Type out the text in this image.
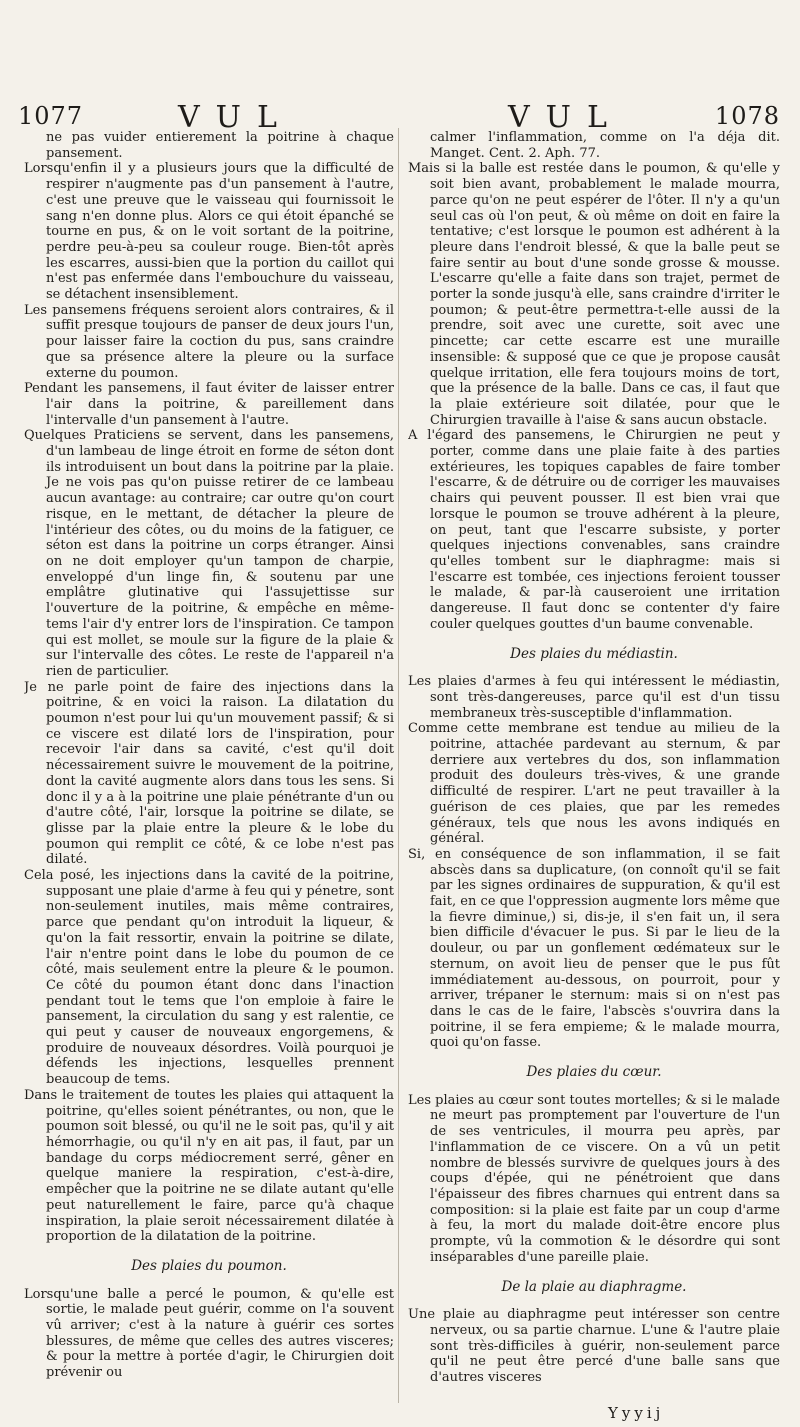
1077	VUL	VUL	1078

ne pas vuider entierement la poitrine à chaque pansement.

Lorsqu'enfin il y a plusieurs jours que la difficulté de respirer n'augmente pas d'un pansement à l'autre, c'est une preuve que le vaisseau qui fournissoit le sang n'en donne plus. Alors ce qui étoit épanché se tourne en pus, & on le voit sortant de la poitrine, perdre peu-à-peu sa couleur rouge. Bien-tôt après les escarres, aussi-bien que la portion du caillot qui n'est pas enfermée dans l'embouchure du vaisseau, se détachent insensiblement.

Les pansemens fréquens seroient alors contraires, & il suffit presque toujours de panser de deux jours l'un, pour laisser faire la coction du pus, sans craindre que sa présence altere la pleure ou la surface externe du poumon.

Pendant les pansemens, il faut éviter de laisser entrer l'air dans la poitrine, & pareillement dans l'intervalle d'un pansement à l'autre.

Quelques Praticiens se servent, dans les pansemens, d'un lambeau de linge étroit en forme de séton dont ils introduisent un bout dans la poitrine par la plaie. Je ne vois pas qu'on puisse retirer de ce lambeau aucun avantage: au contraire; car outre qu'on court risque, en le mettant, de détacher la pleure de l'intérieur des côtes, ou du moins de la fatiguer, ce séton est dans la poitrine un corps étranger. Ainsi on ne doit employer qu'un tampon de charpie, enveloppé d'un linge fin, & soutenu par une emplâtre glutinative qui l'assujettisse sur l'ouverture de la poitrine, & empêche en même-tems l'air d'y entrer lors de l'inspiration. Ce tampon qui est mollet, se moule sur la figure de la plaie & sur l'intervalle des côtes. Le reste de l'appareil n'a rien de particulier.

Je ne parle point de faire des injections dans la poitrine, & en voici la raison. La dilatation du poumon n'est pour lui qu'un mouvement passif; & si ce viscere est dilaté lors de l'inspiration, pour recevoir l'air dans sa cavité, c'est qu'il doit nécessairement suivre le mouvement de la poitrine, dont la cavité augmente alors dans tous les sens. Si donc il y a à la poitrine une plaie pénétrante d'un ou d'autre côté, l'air, lorsque la poitrine se dilate, se glisse par la plaie entre la pleure & le lobe du poumon qui remplit ce côté, & ce lobe n'est pas dilaté.

Cela posé, les injections dans la cavité de la poitrine, supposant une plaie d'arme à feu qui y pénetre, sont non-seulement inutiles, mais même contraires, parce que pendant qu'on introduit la liqueur, & qu'on la fait ressortir, envain la poitrine se dilate, l'air n'entre point dans le lobe du poumon de ce côté, mais seulement entre la pleure & le poumon. Ce côté du poumon étant donc dans l'inaction pendant tout le tems que l'on emploie à faire le pansement, la circulation du sang y est ralentie, ce qui peut y causer de nouveaux engorgemens, & produire de nouveaux désordres. Voilà pourquoi je défends les injections, lesquelles prennent beaucoup de tems.

Dans le traitement de toutes les plaies qui attaquent la poitrine, qu'elles soient pénétrantes, ou non, que le poumon soit blessé, ou qu'il ne le soit pas, qu'il y ait hémorrhagie, ou qu'il n'y en ait pas, il faut, par un bandage du corps médiocrement serré, gêner en quelque maniere la respiration, c'est-à-dire, empêcher que la poitrine ne se dilate autant qu'elle peut naturellement le faire, parce qu'à chaque inspiration, la plaie seroit nécessairement dilatée à proportion de la dilatation de la poitrine.

Des plaies du poumon.

Lorsqu'une balle a percé le poumon, & qu'elle est sortie, le malade peut guérir, comme on l'a souvent vû arriver; c'est à la nature à guérir ces sortes blessures, de même que celles des autres visceres; & pour la mettre à portée d'agir, le Chirurgien doit prévenir ou

calmer l'inflammation, comme on l'a déja dit. Manget. Cent. 2. Aph. 77.

Mais si la balle est restée dans le poumon, & qu'elle y soit bien avant, probablement le malade mourra, parce qu'on ne peut espérer de l'ôter. Il n'y a qu'un seul cas où l'on peut, & où même on doit en faire la tentative; c'est lorsque le poumon est adhérent à la pleure dans l'endroit blessé, & que la balle peut se faire sentir au bout d'une sonde grosse & mousse. L'escarre qu'elle a faite dans son trajet, permet de porter la sonde jusqu'à elle, sans craindre d'irriter le poumon; & peut-être permettra-t-elle aussi de la prendre, soit avec une curette, soit avec une pincette; car cette escarre est une muraille insensible: & supposé que ce que je propose causât quelque irritation, elle fera toujours moins de tort, que la présence de la balle. Dans ce cas, il faut que la plaie extérieure soit dilatée, pour que le Chirurgien travaille à l'aise & sans aucun obstacle.

A l'égard des pansemens, le Chirurgien ne peut y porter, comme dans une plaie faite à des parties extérieures, les topiques capables de faire tomber l'escarre, & de détruire ou de corriger les mauvaises chairs qui peuvent pousser. Il est bien vrai que lorsque le poumon se trouve adhérent à la pleure, on peut, tant que l'escarre subsiste, y porter quelques injections convenables, sans craindre qu'elles tombent sur le diaphragme: mais si l'escarre est tombée, ces injections feroient tousser le malade, & par-là causeroient une irritation dangereuse. Il faut donc se contenter d'y faire couler quelques gouttes d'un baume convenable.

Des plaies du médiastin.

Les plaies d'armes à feu qui intéressent le médiastin, sont très-dangereuses, parce qu'il est d'un tissu membraneux très-susceptible d'inflammation.

Comme cette membrane est tendue au milieu de la poitrine, attachée pardevant au sternum, & par derriere aux vertebres du dos, son inflammation produit des douleurs très-vives, & une grande difficulté de respirer. L'art ne peut travailler à la guérison de ces plaies, que par les remedes généraux, tels que nous les avons indiqués en général.

Si, en conséquence de son inflammation, il se fait abscès dans sa duplicature, (on connoît qu'il se fait par les signes ordinaires de suppuration, & qu'il est fait, en ce que l'oppression augmente lors même que la fievre diminue,) si, dis-je, il s'en fait un, il sera bien difficile d'évacuer le pus. Si par le lieu de la douleur, ou par un gonflement œdémateux sur le sternum, on avoit lieu de penser que le pus fût immédiatement au-dessous, on pourroit, pour y arriver, trépaner le sternum: mais si on n'est pas dans le cas de le faire, l'abscès s'ouvrira dans la poitrine, il se fera empieme; & le malade mourra, quoi qu'on fasse.

Des plaies du cœur.

Les plaies au cœur sont toutes mortelles; & si le malade ne meurt pas promptement par l'ouverture de l'un de ses ventricules, il mourra peu après, par l'inflammation de ce viscere. On a vû un petit nombre de blessés survivre de quelques jours à des coups d'épée, qui ne pénétroient que dans l'épaisseur des fibres charnues qui entrent dans sa composition: si la plaie est faite par un coup d'arme à feu, la mort du malade doit-être encore plus prompte, vû la commotion & le désordre qui sont inséparables d'une pareille plaie.

De la plaie au diaphragme.

Une plaie au diaphragme peut intéresser son centre nerveux, ou sa partie charnue. L'une & l'autre plaie sont très-difficiles à guérir, non-seulement parce qu'il ne peut être percé d'une balle sans que d'autres visceres

Yyyij
